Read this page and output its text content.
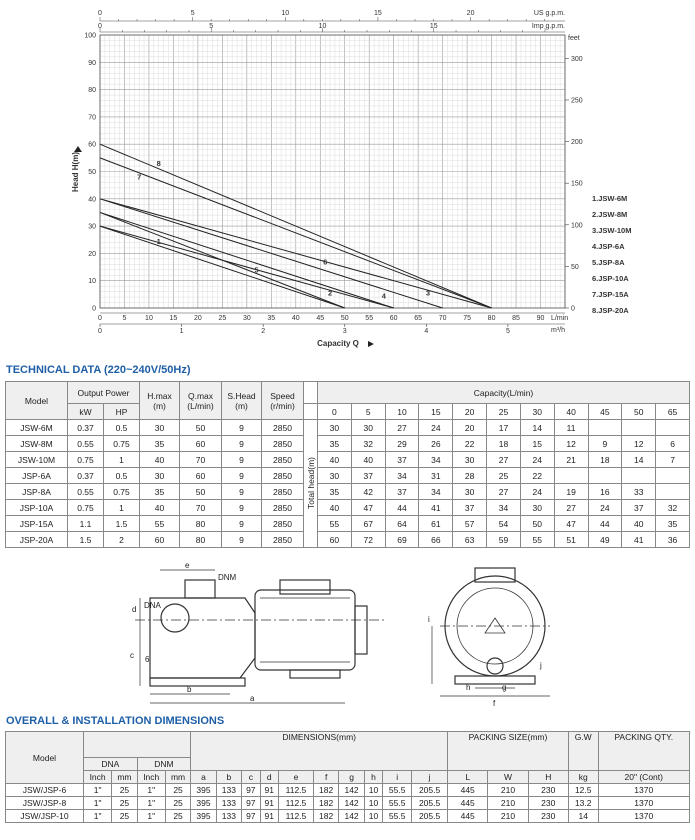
0
10
20
30
40
50
60
70
80
90
100
Head H(m)
0
50
100
150
200
250
300
feet
0	5	10 15 20 25 30 35 40 45 50 55 60 65 70 75 80 85 90 L/min
0	1	2	3	4	5	m³/h
Capacity Q
0	5	10	15	20	US g.p.m.
0	5	10	15	Imp g.p.m.
1
2	3
4
5
6
7
8
1.JSW-6M
2.JSW-8M
3.JSW-10M
4.JSP-6A
5.JSP-8A
6.JSP-10A
7.JSP-15A
8.JSP-20A
TECHNICAL DATA (220~240V/50Hz)
Model	Output Power		H.max (m)	Q.max (L/min)	S.Head (m)	Speed (r/min)		Capacity(L/min)										
	kW	HP						0	5	10	15	20	25	30	40	45	50	65
JSW-6M	0.37	0.5	30	50	9	2850	Total head(m)	30	30	27	24	20	17	14	11			
JSW-8M	0.55	0.75	35	60	9	2850		35	32	29	26	22	18	15	12	9	12	6
JSW-10M	0.75	1	40	70	9	2850		40	40	37	34	30	27	24	21	18	14	7
JSP-6A	0.37	0.5	30	60	9	2850		30	37	34	31	28	25	22				
JSP-8A	0.55	0.75	35	50	9	2850		35	42	37	34	30	27	24	19	16	33	
JSP-10A	0.75	1	40	70	9	2850		40	47	44	41	37	34	30	27	24	37	32
JSP-15A	1.1	1.5	55	80	9	2850		55	67	64	61	57	54	50	47	44	40	35
JSP-20A	1.5	2	60	80	9	2850		60	72	69	66	63	59	55	51	49	41	36
e
DNM
d DNA
c 6
b
a
i
h	g
j
f
OVERALL & INSTALLATION DIMENSIONS
Model					DIMENSIONS(mm)										PACKING SIZE(mm)			G.W	PACKING QTY.
	DNA		DNM																
	Inch	mm	Inch	mm	a	b	c	d	e	f	g	h	i	j	L	W	H	kg	20" (Cont)
JSW/JSP-6	1"	25	1"	25	395	133	97	91	112.5	182	142	10	55.5	205.5	445	210	230	12.5	1370
JSW/JSP-8	1"	25	1"	25	395	133	97	91	112.5	182	142	10	55.5	205.5	445	210	230	13.2	1370
JSW/JSP-10	1"	25	1"	25	395	133	97	91	112.5	182	142	10	55.5	205.5	445	210	230	14	1370
